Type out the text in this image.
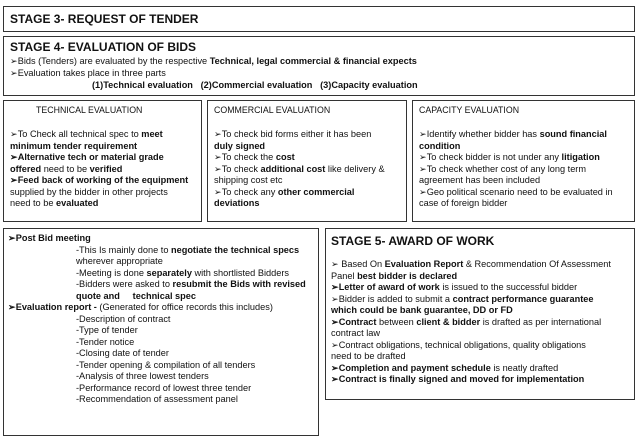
STAGE 3- REQUEST OF TENDER
STAGE 4- EVALUATION OF BIDS
➢Bids (Tenders) are evaluated by the respective Technical, legal commercial & financial expects
➢Evaluation takes place in three parts
(1)Technical evaluation (2)Commercial evaluation (3)Capacity evaluation
TECHNICAL EVALUATION
➢To Check all technical spec to meet
minimum tender requirement
➢Alternative tech or material grade
offered need to be verified
➢Feed back of working of the equipment
supplied by the bidder in other projects
need to be evaluated
COMMERCIAL EVALUATION
➢To check bid forms either it has been
duly signed
➢To check the cost
➢To check additional cost like delivery &
shipping cost etc
➢To check any other commercial
deviations
CAPACITY EVALUATION
➢Identify whether bidder has sound financial
condition
➢To check bidder is not under any litigation
➢To check whether cost of any long term
agreement has been included
➢Geo political scenario need to be evaluated in
case of foreign bidder
➢Post Bid meeting
-This Is mainly done to negotiate the technical specs
wherever appropriate
-Meeting is done separately with shortlisted Bidders
-Bidders were asked to resubmit the Bids with revised
quote and technical spec
➢Evaluation report - (Generated for office records this includes)
-Description of contract
-Type of tender
-Tender notice
-Closing date of tender
-Tender opening & compilation of all tenders
-Analysis of three lowest tenders
-Performance record of lowest three tender
-Recommendation of assessment panel
STAGE 5- AWARD OF WORK
➢ Based On Evaluation Report & Recommendation Of Assessment
Panel best bidder is declared
➢Letter of award of work is issued to the successful bidder
➢Bidder is added to submit a contract performance guarantee
which could be bank guarantee, DD or FD
➢Contract between client & bidder is drafted as per international
contract law
➢Contract obligations, technical obligations, quality obligations
need to be drafted
➢Completion and payment schedule is neatly drafted
➢Contract is finally signed and moved for implementation
